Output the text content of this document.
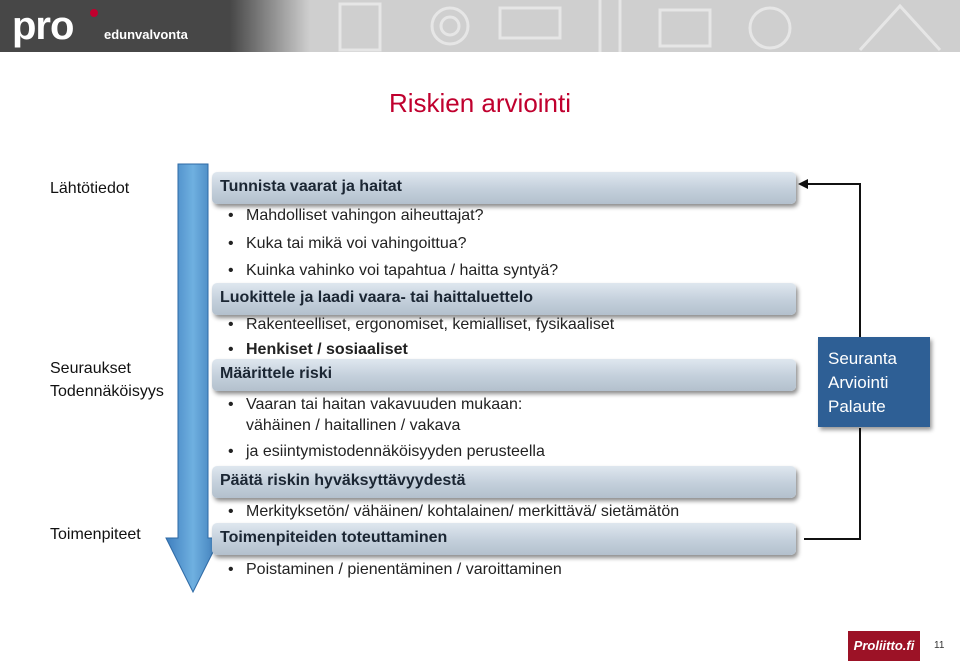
pro edunvalvonta
Riskien arviointi
Lähtötiedot
Seuraukset
Todennäköisyys
Toimenpiteet
Tunnista vaarat ja haitat
• Mahdolliset vahingon aiheuttajat?
• Kuka tai mikä voi vahingoittua?
• Kuinka vahinko voi tapahtua / haitta syntyä?
Luokittele ja laadi vaara- tai haittaluettelo
• Rakenteelliset, ergonomiset, kemialliset, fysikaaliset
• Henkiset / sosiaaliset
Määrittele riski
• Vaaran tai haitan vakavuuden mukaan:
vähäinen / haitallinen / vakava
• ja esiintymistodennäköisyyden perusteella
Päätä riskin hyväksyttävyydestä
• Merkityksetön/ vähäinen/ kohtalainen/ merkittävä/ sietämätön
Toimenpiteiden toteuttaminen
• Poistaminen / pienentäminen / varoittaminen
Seuranta
Arviointi
Palaute
Proliitto.fi	11
